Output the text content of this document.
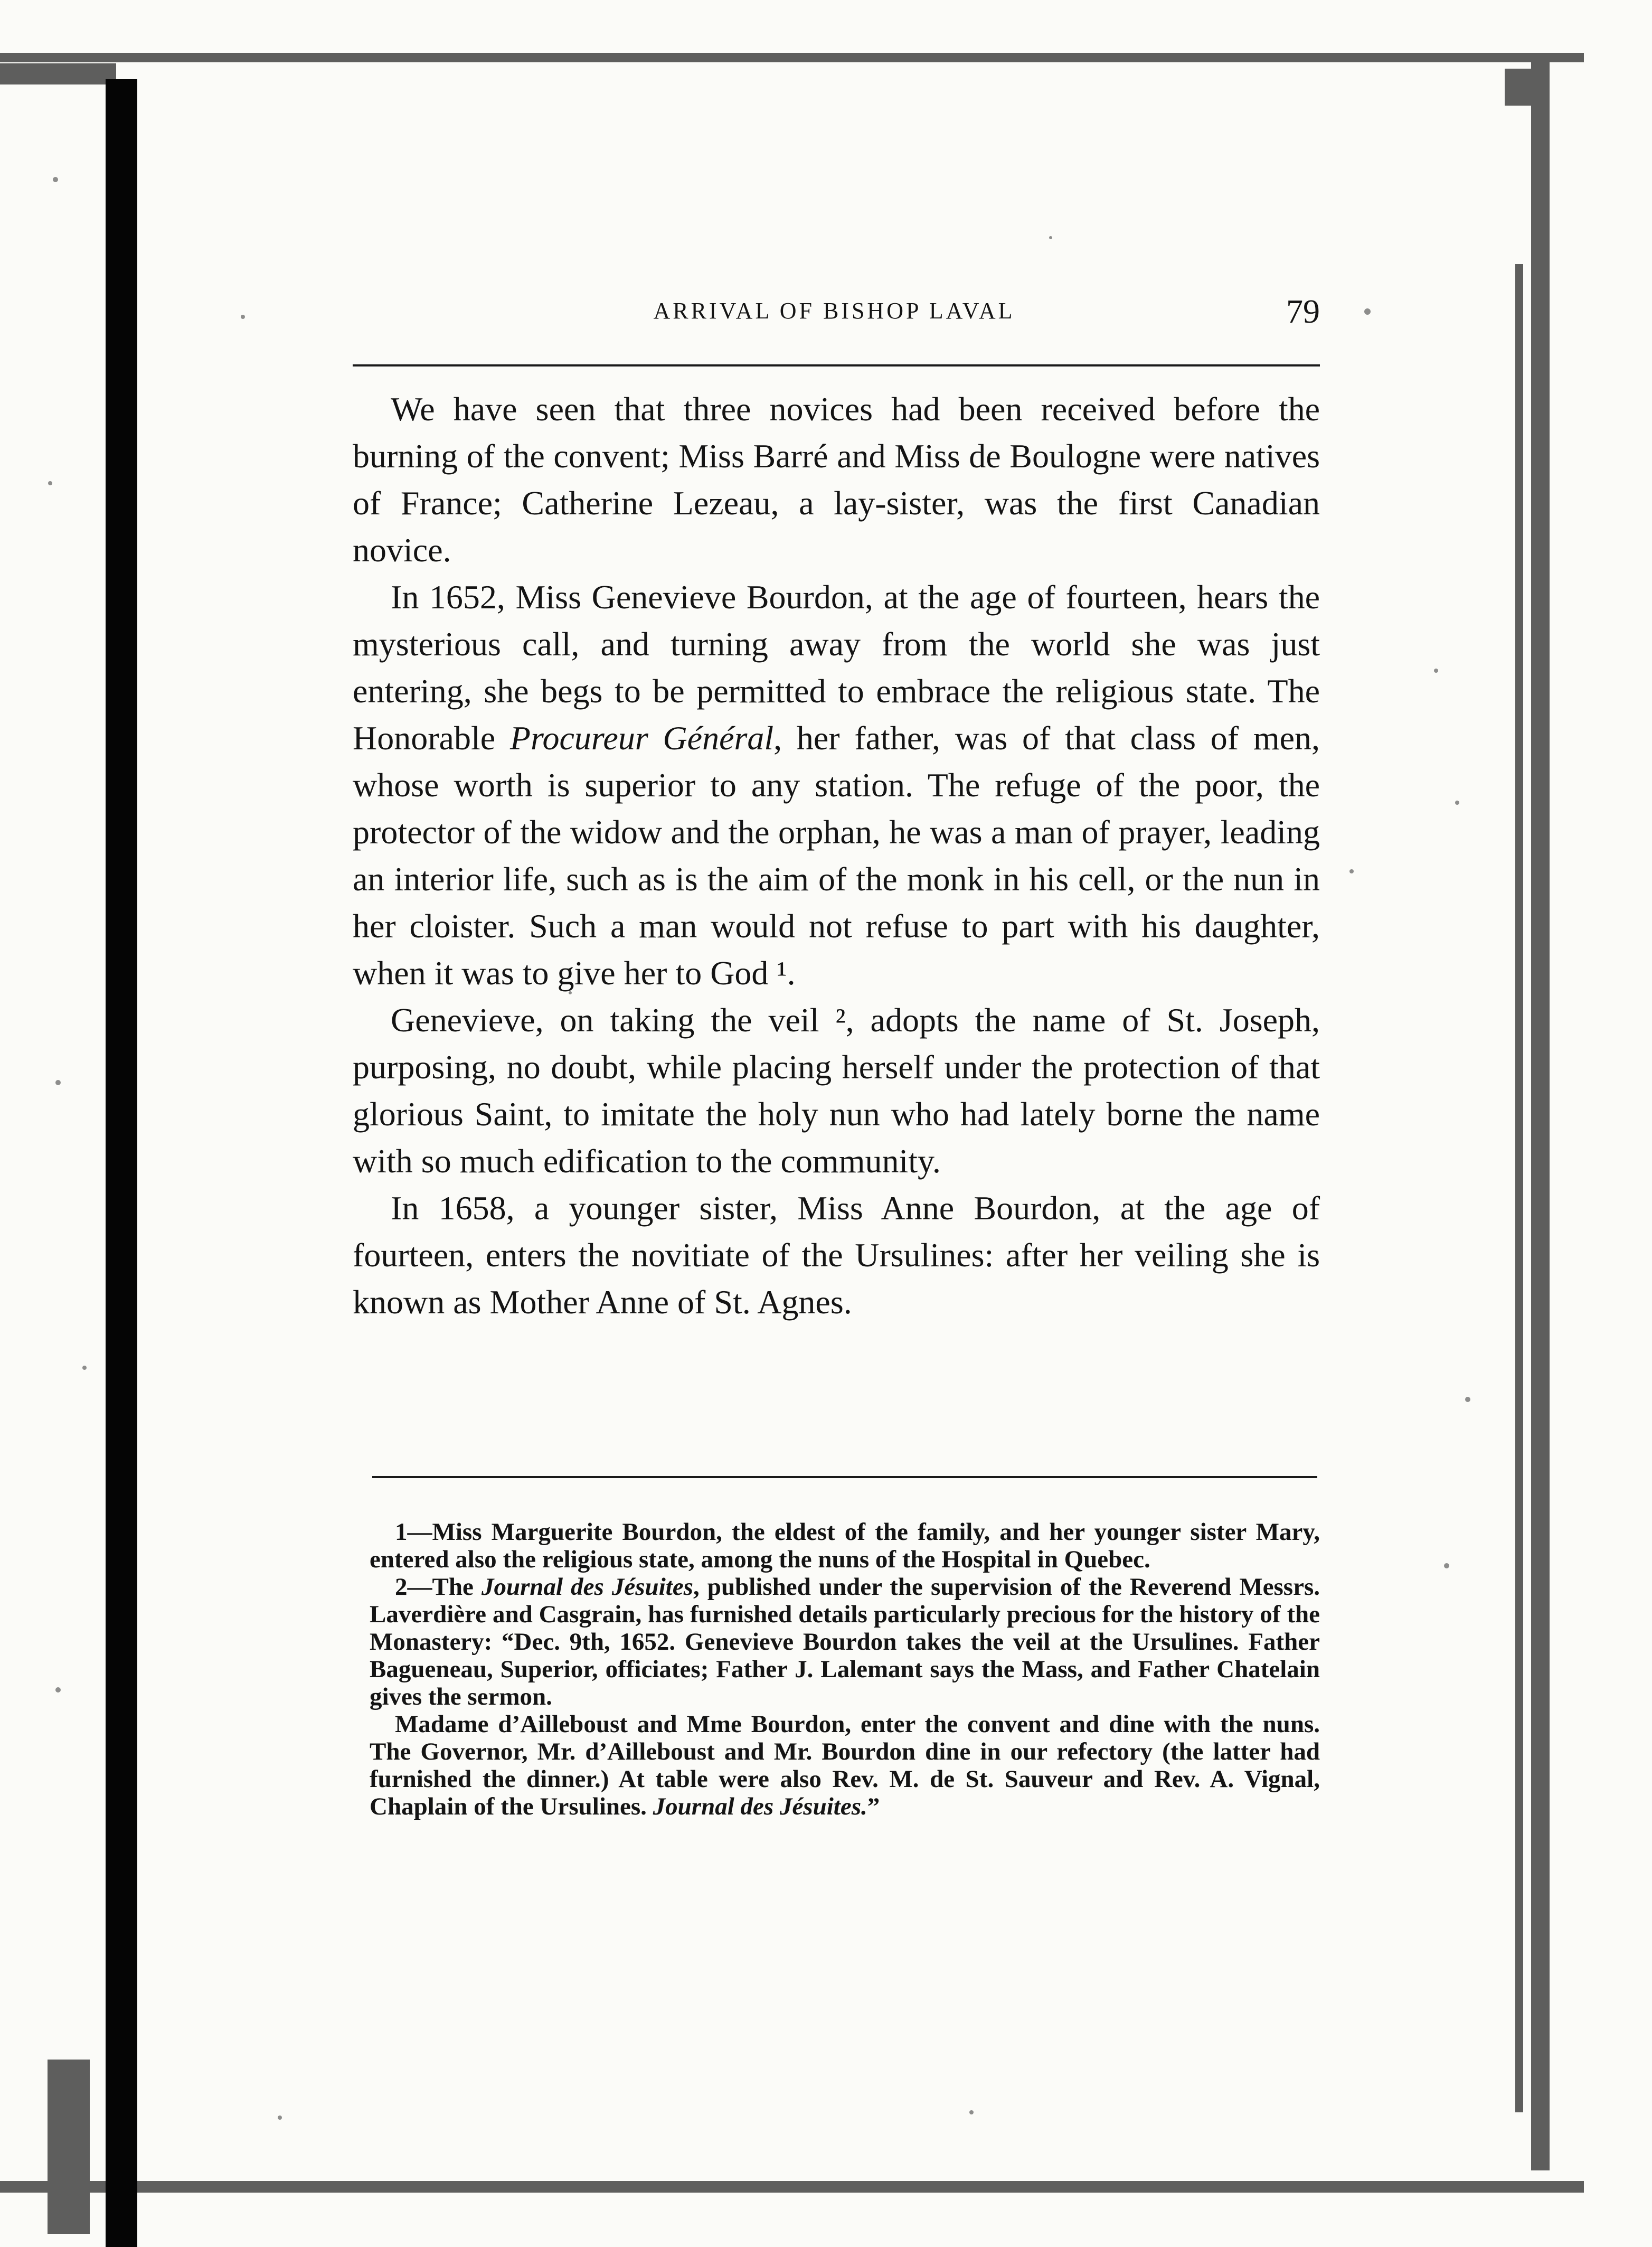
ARRIVAL OF BISHOP LAVAL	79

We have seen that three novices had been received before the burning of the convent; Miss Barré and Miss de Boulogne were natives of France; Catherine Lezeau, a lay-sister, was the first Canadian novice.

In 1652, Miss Genevieve Bourdon, at the age of fourteen, hears the mysterious call, and turning away from the world she was just entering, she begs to be permitted to embrace the religious state. The Honorable Procureur Général, her father, was of that class of men, whose worth is superior to any station. The refuge of the poor, the protector of the widow and the orphan, he was a man of prayer, leading an interior life, such as is the aim of the monk in his cell, or the nun in her cloister. Such a man would not refuse to part with his daughter, when it was to give her to God ¹.

Genevieve, on taking the veil ², adopts the name of St. Joseph, purposing, no doubt, while placing herself under the protection of that glorious Saint, to imitate the holy nun who had lately borne the name with so much edification to the community.

In 1658, a younger sister, Miss Anne Bourdon, at the age of fourteen, enters the novitiate of the Ursulines: after her veiling she is known as Mother Anne of St. Agnes.

1—Miss Marguerite Bourdon, the eldest of the family, and her younger sister Mary, entered also the religious state, among the nuns of the Hospital in Quebec.

2—The Journal des Jésuites, published under the supervision of the Reverend Messrs. Laverdière and Casgrain, has furnished details particularly precious for the history of the Monastery: “Dec. 9th, 1652. Genevieve Bourdon takes the veil at the Ursulines. Father Bagueneau, Superior, officiates; Father J. Lalemant says the Mass, and Father Chatelain gives the sermon.

Madame d’Ailleboust and Mme Bourdon, enter the convent and dine with the nuns. The Governor, Mr. d’Ailleboust and Mr. Bourdon dine in our refectory (the latter had furnished the dinner.) At table were also Rev. M. de St. Sauveur and Rev. A. Vignal, Chaplain of the Ursulines. Journal des Jésuites.”
